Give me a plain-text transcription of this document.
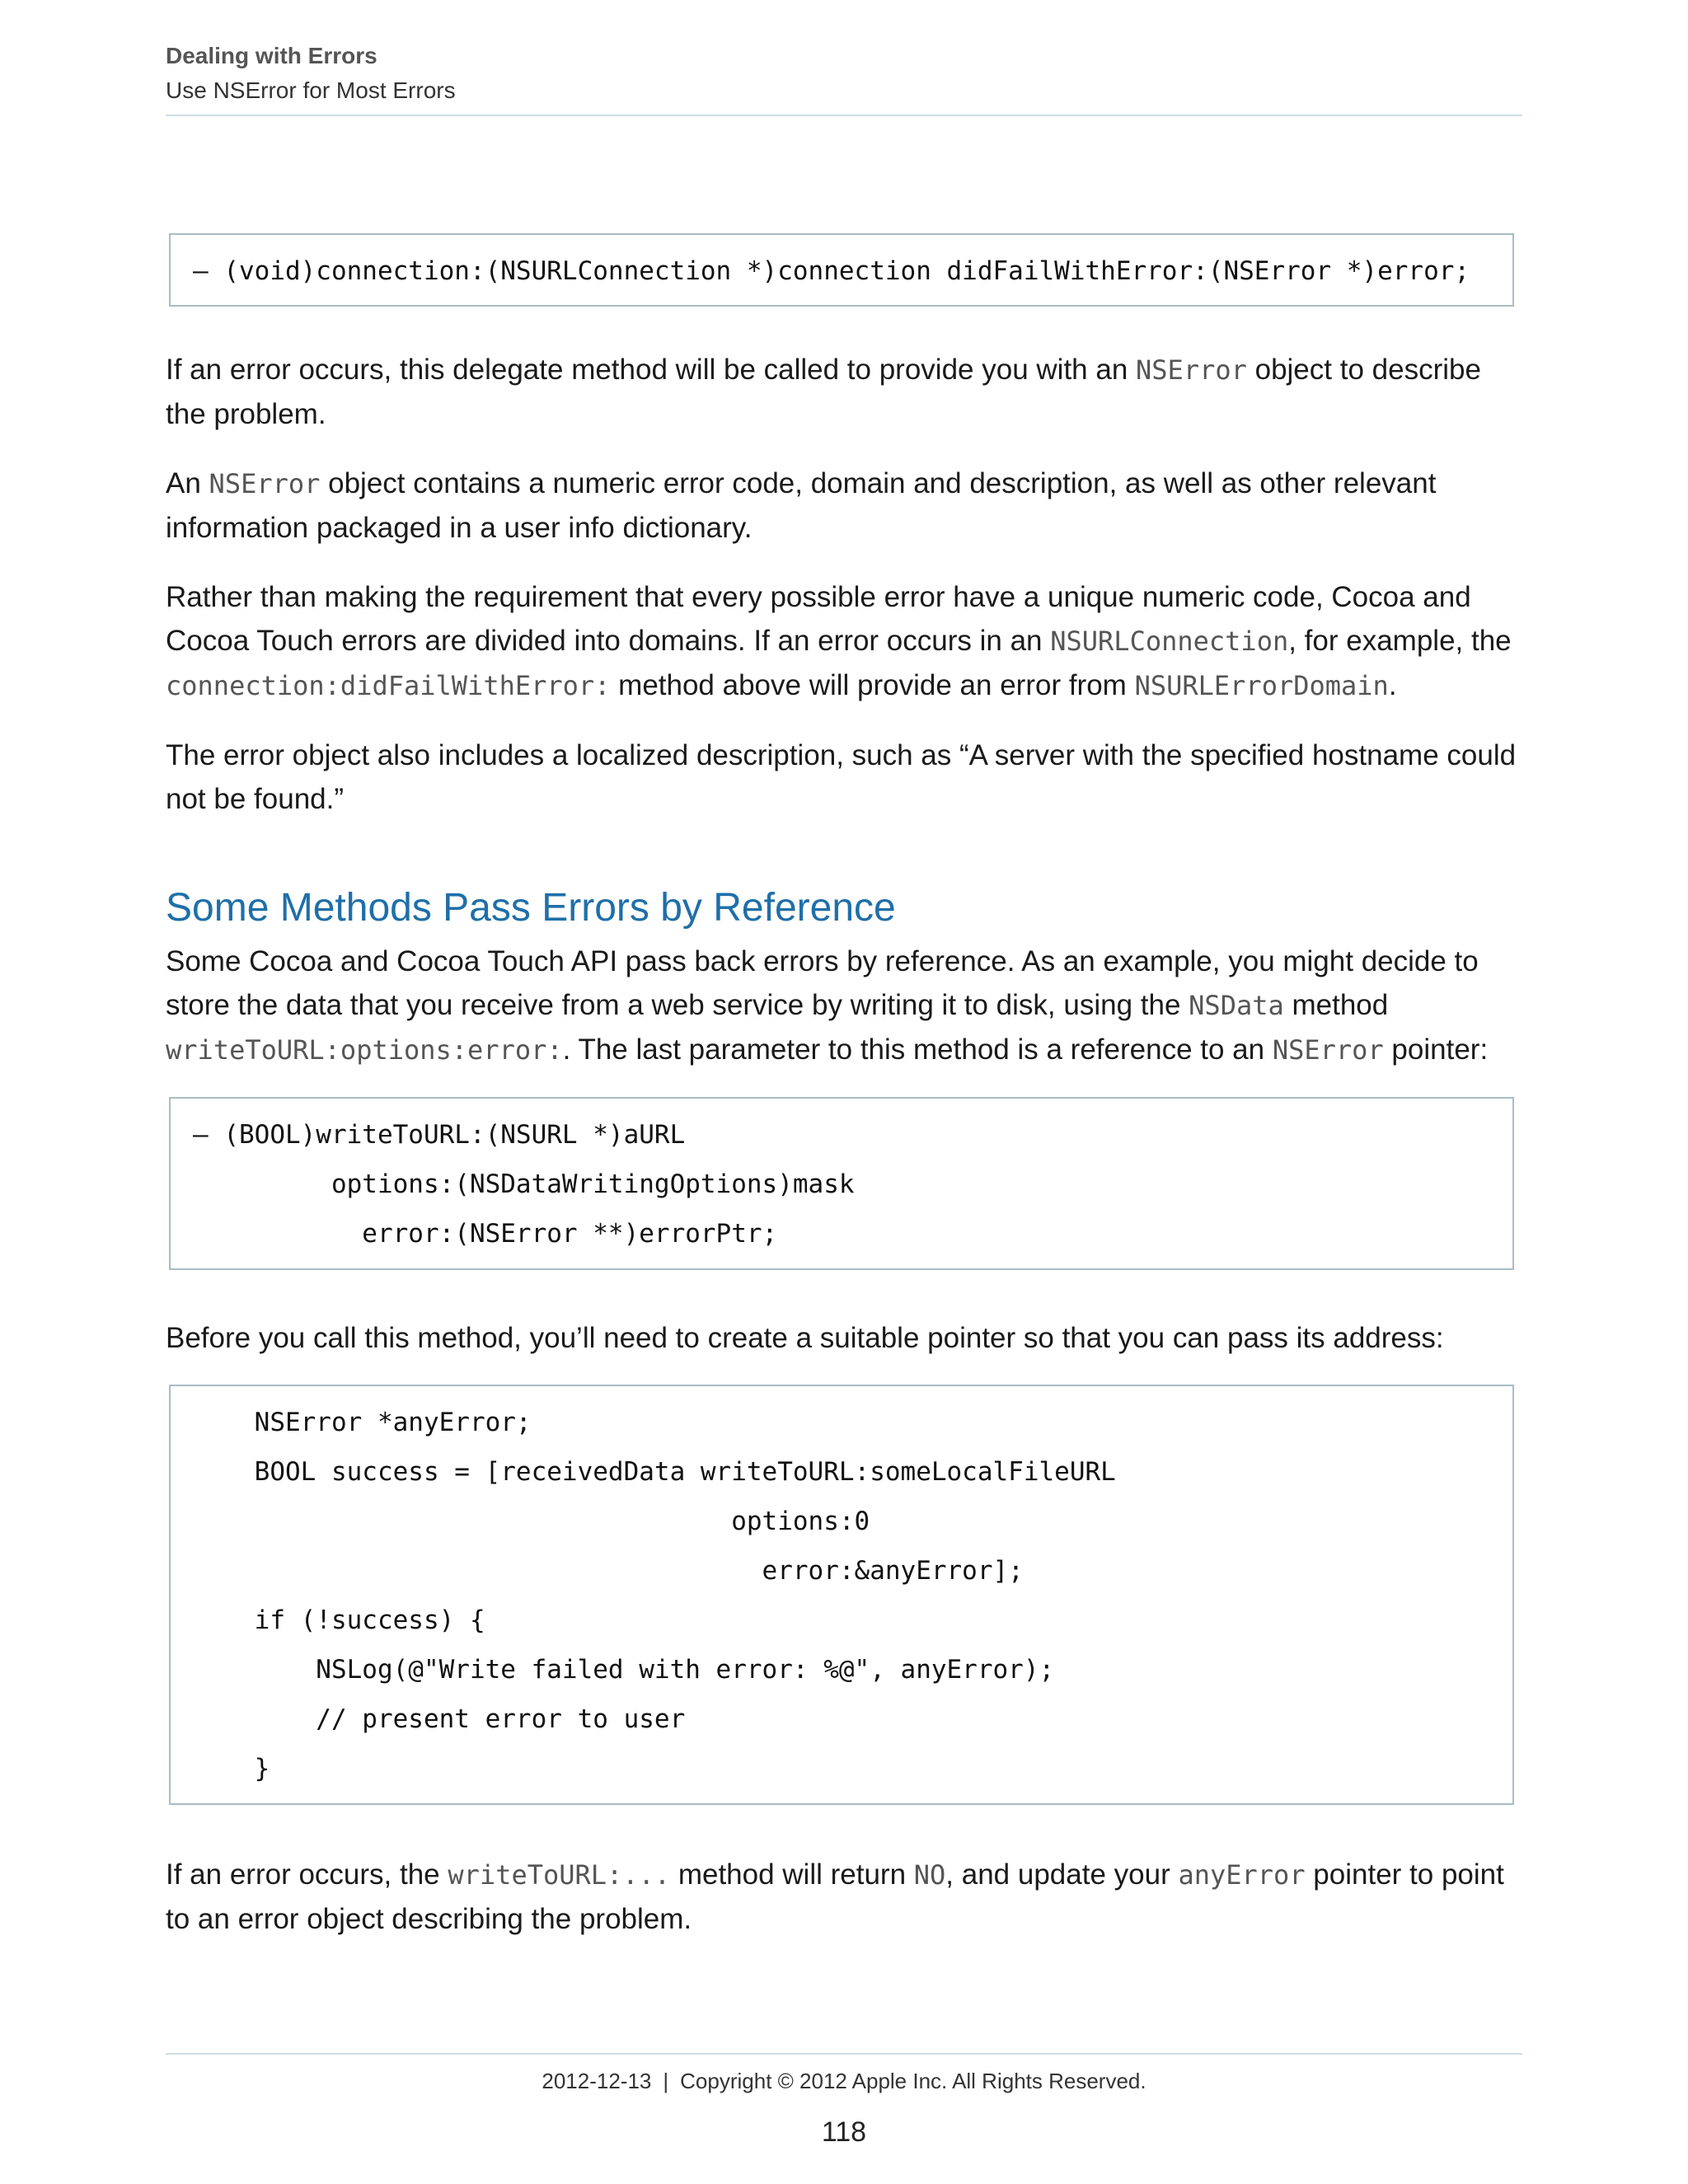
Dealing with Errors
Use NSError for Most Errors
– (void)connection:(NSURLConnection *)connection didFailWithError:(NSError *)error;

If an error occurs, this delegate method will be called to provide you with an NSError object to describe the problem.

An NSError object contains a numeric error code, domain and description, as well as other relevant information packaged in a user info dictionary.

Rather than making the requirement that every possible error have a unique numeric code, Cocoa and Cocoa Touch errors are divided into domains. If an error occurs in an NSURLConnection, for example, the connection:didFailWithError: method above will provide an error from NSURLErrorDomain.

The error object also includes a localized description, such as “A server with the specified hostname could not be found.”

Some Methods Pass Errors by Reference

Some Cocoa and Cocoa Touch API pass back errors by reference. As an example, you might decide to store the data that you receive from a web service by writing it to disk, using the NSData method writeToURL:options:error:. The last parameter to this method is a reference to an NSError pointer:

– (BOOL)writeToURL:(NSURL *)aURL
options:(NSDataWritingOptions)mask
error:(NSError **)errorPtr;

Before you call this method, you’ll need to create a suitable pointer so that you can pass its address:

NSError *anyError;
BOOL success = [receivedData writeToURL:someLocalFileURL
options:0
error:&anyError];
if (!success) {
NSLog(@"Write failed with error: %@", anyError);
// present error to user
}

If an error occurs, the writeToURL:... method will return NO, and update your anyError pointer to point to an error object describing the problem.

2012-12-13 | Copyright © 2012 Apple Inc. All Rights Reserved.
118
